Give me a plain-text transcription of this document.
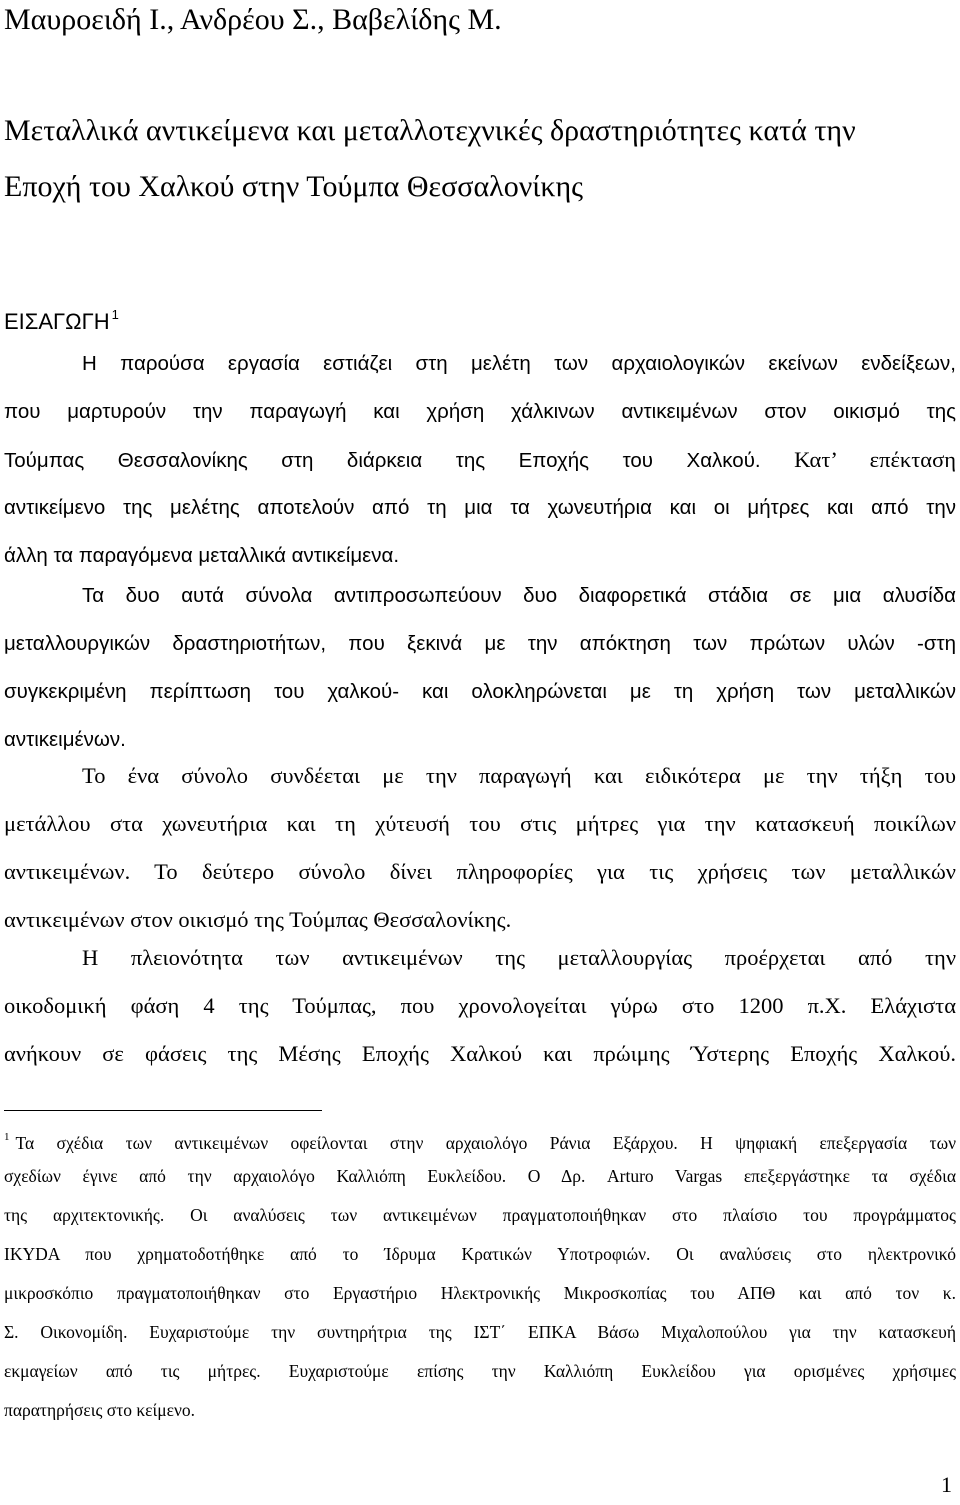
Μαυροειδή Ι., Ανδρέου Σ., Βαβελίδης Μ.
Μεταλλικά αντικείμενα και μεταλλοτεχνικές δραστηριότητες κατά την
Εποχή του Χαλκού στην Τούμπα Θεσσαλονίκης
ΕΙΣΑΓΩΓΗ $^1$
Η παρούσα εργασία εστιάζει στη μελέτη των αρχαιολογικών εκείνων ενδείξεων,
που μαρτυρούν την παραγωγή και χρήση χάλκινων αντικειμένων στον οικισμό της
Τούμπας Θεσσαλονίκης στη διάρκεια της Εποχής του Χαλκού. Κατ’ επέκταση
αντικείμενο της μελέτης αποτελούν από τη μια τα χωνευτήρια και οι μήτρες και από την
άλλη τα παραγόμενα μεταλλικά αντικείμενα.
Τα δυο αυτά σύνολα αντιπροσωπεύουν δυο διαφορετικά στάδια σε μια αλυσίδα
μεταλλουργικών δραστηριοτήτων, που ξεκινά με την απόκτηση των πρώτων υλών -στη
συγκεκριμένη περίπτωση του χαλκού- και ολοκληρώνεται με τη χρήση των μεταλλικών
αντικειμένων.
Το ένα σύνολο συνδέεται με την παραγωγή και ειδικότερα με την τήξη του
μετάλλου στα χωνευτήρια και τη χύτευσή του στις μήτρες για την κατασκευή ποικίλων
αντικειμένων. Το δεύτερο σύνολο δίνει πληροφορίες για τις χρήσεις των μεταλλικών
αντικειμένων στον οικισμό της Τούμπας Θεσσαλονίκης.
Η πλειονότητα των αντικειμένων της μεταλλουργίας προέρχεται από την
οικοδομική φάση 4 της Τούμπας, που χρονολογείται γύρω στο 1200 π.Χ. Ελάχιστα
ανήκουν σε φάσεις της Μέσης Εποχής Χαλκού και πρώιμης Ύστερης Εποχής Χαλκού.
$^1$ Τα σχέδια των αντικειμένων οφείλονται στην αρχαιολόγο Ράνια Εξάρχου. Η ψηφιακή επεξεργασία των
σχεδίων έγινε από την αρχαιολόγο Καλλιόπη Ευκλείδου. Ο Δρ. Arturo Vargas επεξεργάστηκε τα σχέδια
της αρχιτεκτονικής. Οι αναλύσεις των αντικειμένων πραγματοποιήθηκαν στο πλαίσιο του προγράμματος
IKYDA που χρηματοδοτήθηκε από το Ίδρυμα Κρατικών Υποτροφιών. Οι αναλύσεις στο ηλεκτρονικό
μικροσκόπιο πραγματοποιήθηκαν στο Εργαστήριο Ηλεκτρονικής Μικροσκοπίας του ΑΠΘ και από τον κ.
Σ. Οικονομίδη. Ευχαριστούμε την συντηρήτρια της ΙΣΤ΄ ΕΠΚΑ Βάσω Μιχαλοπούλου για την κατασκευή
εκμαγείων από τις μήτρες. Ευχαριστούμε επίσης την Καλλιόπη Ευκλείδου για ορισμένες χρήσιμες
παρατηρήσεις στο κείμενο.
1
